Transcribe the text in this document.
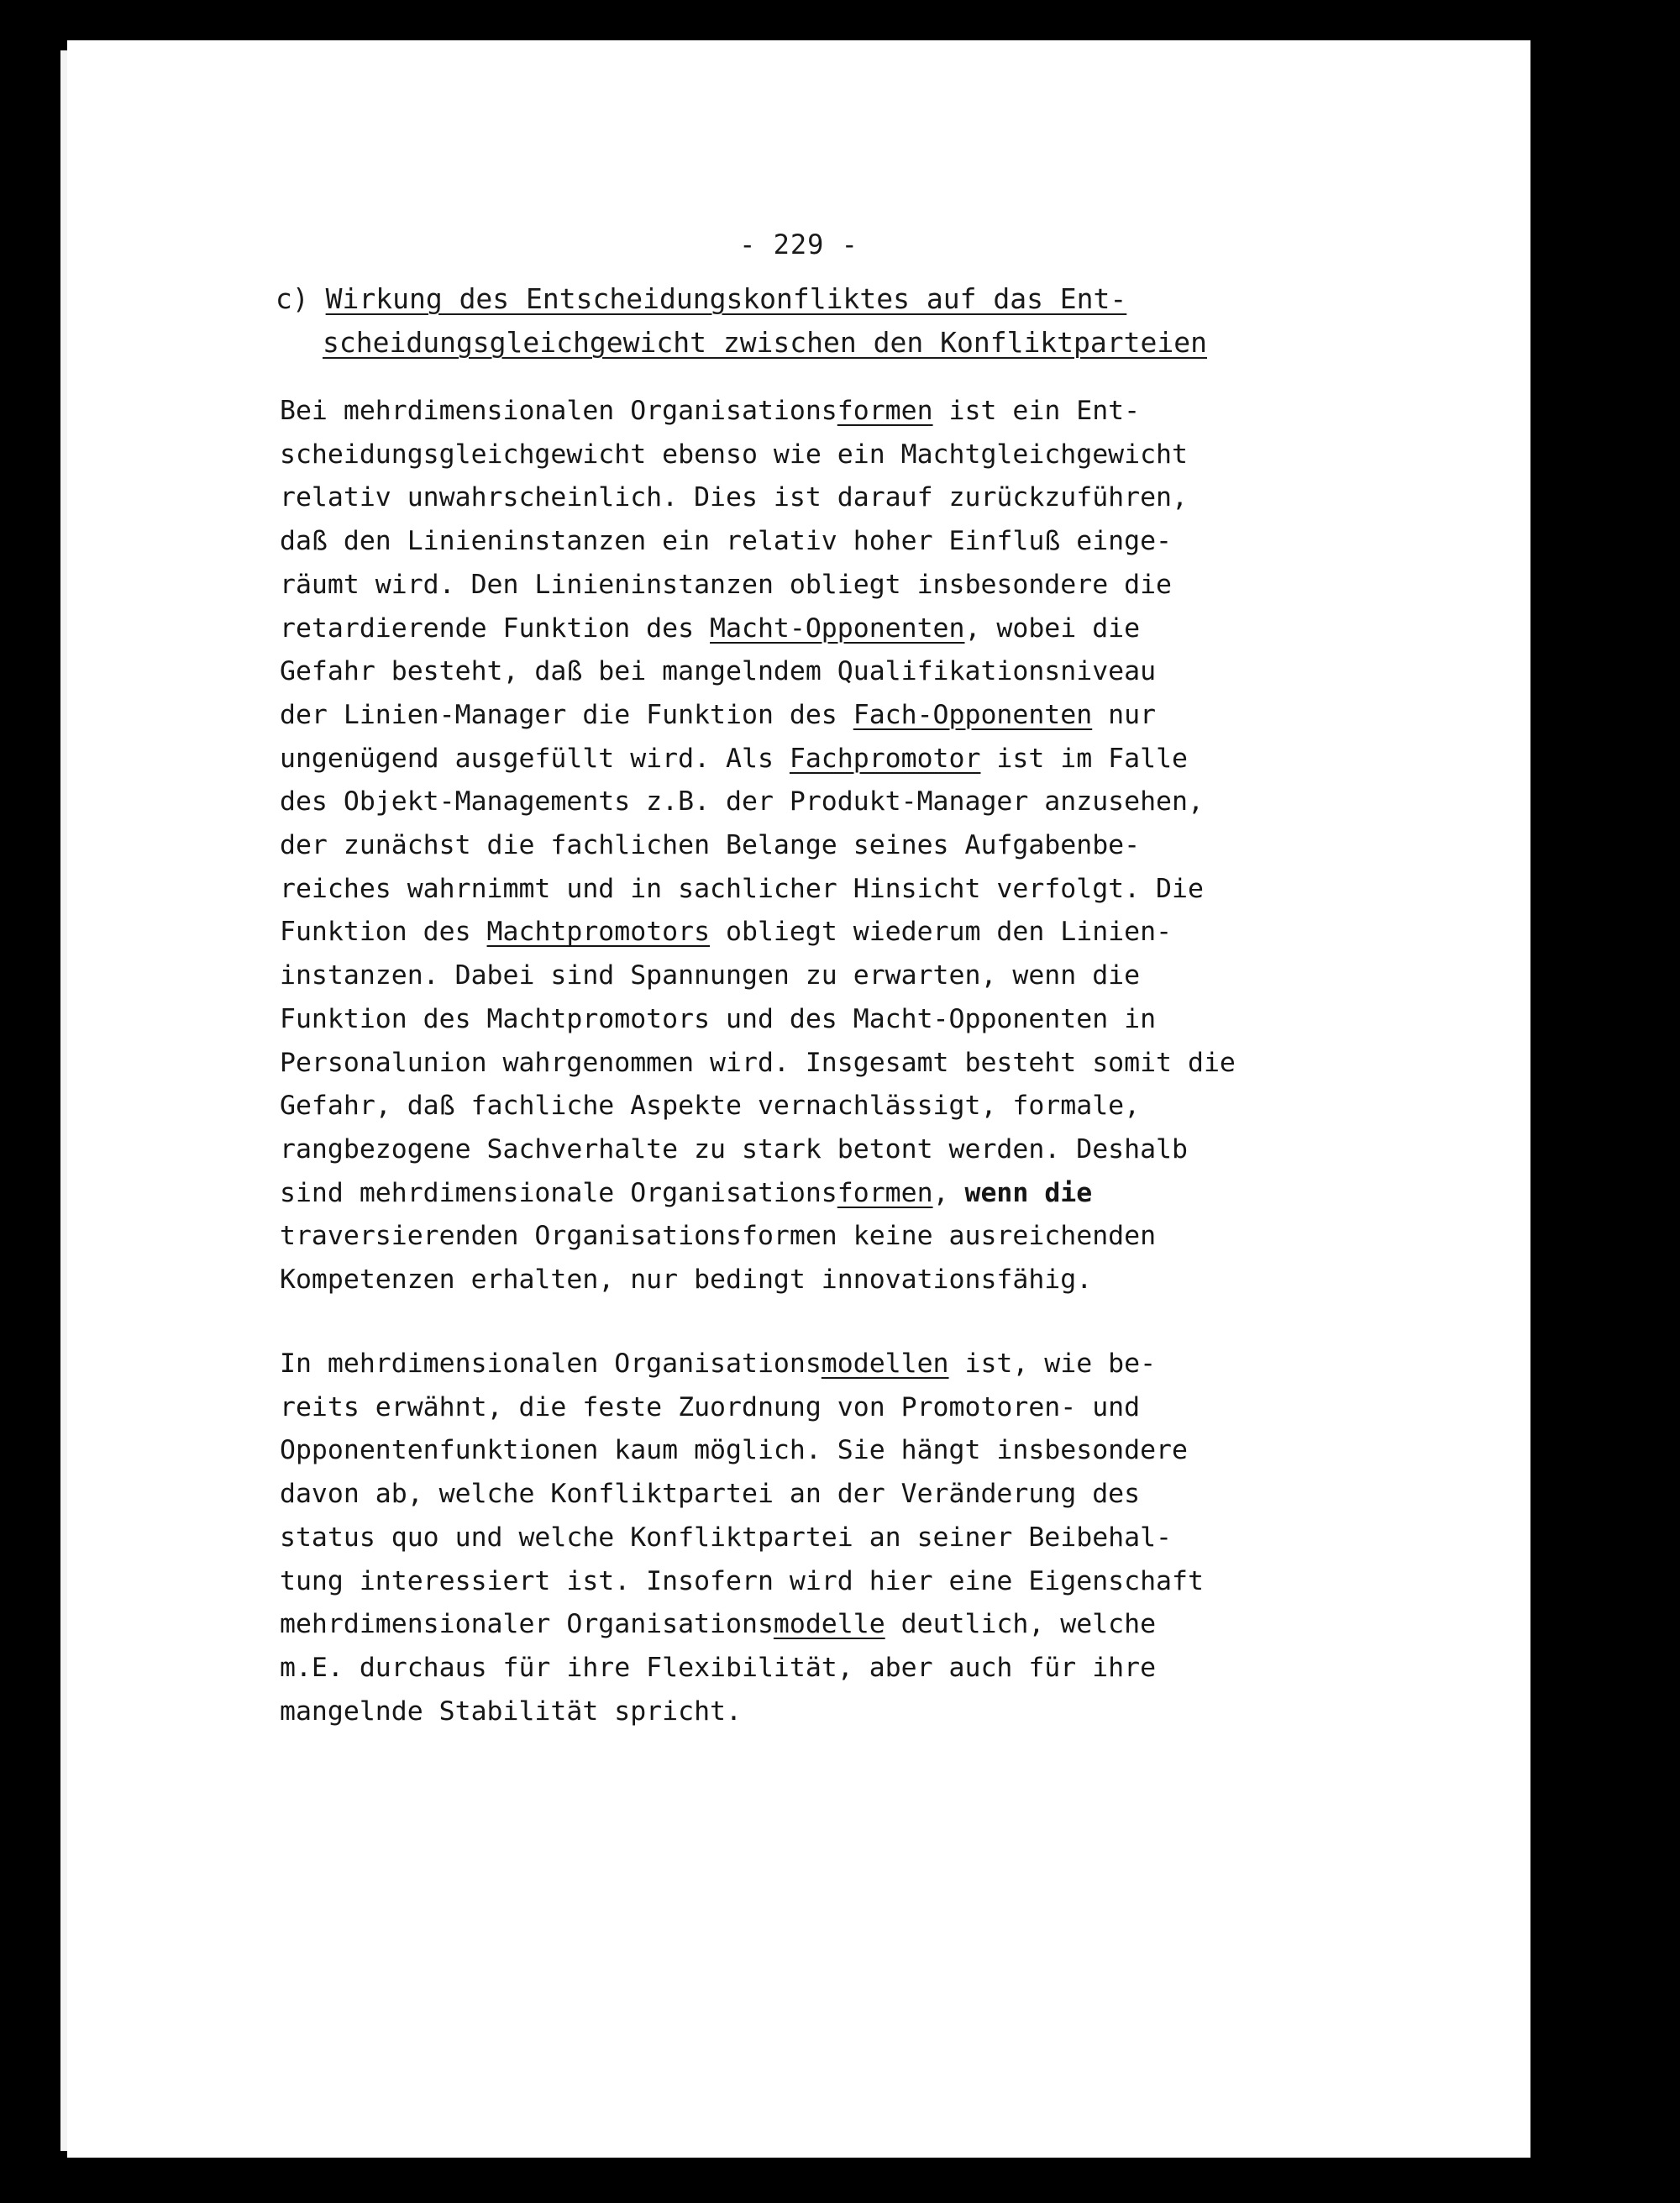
- 229 -
c) Wirkung des Entscheidungskonfliktes auf das Ent-
scheidungsgleichgewicht zwischen den Konfliktparteien
Bei mehrdimensionalen Organisationsformen ist ein Ent-
scheidungsgleichgewicht ebenso wie ein Machtgleichgewicht
relativ unwahrscheinlich. Dies ist darauf zurückzuführen,
daß den Linieninstanzen ein relativ hoher Einfluß einge-
räumt wird. Den Linieninstanzen obliegt insbesondere die
retardierende Funktion des Macht-Opponenten, wobei die
Gefahr besteht, daß bei mangelndem Qualifikationsniveau
der Linien-Manager die Funktion des Fach-Opponenten nur
ungenügend ausgefüllt wird. Als Fachpromotor ist im Falle
des Objekt-Managements z.B. der Produkt-Manager anzusehen,
der zunächst die fachlichen Belange seines Aufgabenbe-
reiches wahrnimmt und in sachlicher Hinsicht verfolgt. Die
Funktion des Machtpromotors obliegt wiederum den Linien-
instanzen. Dabei sind Spannungen zu erwarten, wenn die
Funktion des Machtpromotors und des Macht-Opponenten in
Personalunion wahrgenommen wird. Insgesamt besteht somit die
Gefahr, daß fachliche Aspekte vernachlässigt, formale,
rangbezogene Sachverhalte zu stark betont werden. Deshalb
sind mehrdimensionale Organisationsformen, wenn die
traversierenden Organisationsformen keine ausreichenden
Kompetenzen erhalten, nur bedingt innovationsfähig.
In mehrdimensionalen Organisationsmodellen ist, wie be-
reits erwähnt, die feste Zuordnung von Promotoren- und
Opponentenfunktionen kaum möglich. Sie hängt insbesondere
davon ab, welche Konfliktpartei an der Veränderung des
status quo und welche Konfliktpartei an seiner Beibehal-
tung interessiert ist. Insofern wird hier eine Eigenschaft
mehrdimensionaler Organisationsmodelle deutlich, welche
m.E. durchaus für ihre Flexibilität, aber auch für ihre
mangelnde Stabilität spricht.
